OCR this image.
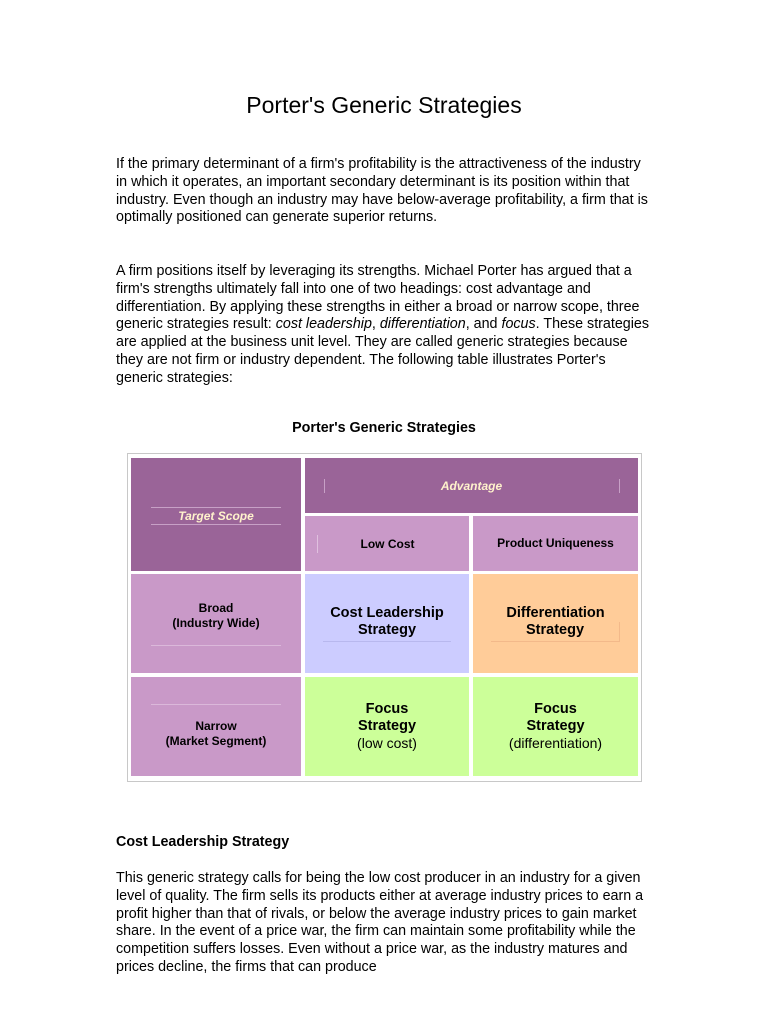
Porter's Generic Strategies

If the primary determinant of a firm's profitability is the attractiveness of the industry in which it operates, an important secondary determinant is its position within that industry. Even though an industry may have below-average profitability, a firm that is optimally positioned can generate superior returns.

A firm positions itself by leveraging its strengths. Michael Porter has argued that a firm's strengths ultimately fall into one of two headings: cost advantage and differentiation. By applying these strengths in either a broad or narrow scope, three generic strategies result: cost leadership, differentiation, and focus. These strategies are applied at the business unit level. They are called generic strategies because they are not firm or industry dependent. The following table illustrates Porter's generic strategies:

Porter's Generic Strategies

Target Scope
Advantage
Low Cost	Product Uniqueness
Broad
(Industry Wide)
Cost Leadership
Strategy
Differentiation
Strategy
Narrow
(Market Segment)
Focus
Strategy
(low cost)
Focus
Strategy
(differentiation)

Cost Leadership Strategy

This generic strategy calls for being the low cost producer in an industry for a given level of quality. The firm sells its products either at average industry prices to earn a profit higher than that of rivals, or below the average industry prices to gain market share. In the event of a price war, the firm can maintain some profitability while the competition suffers losses. Even without a price war, as the industry matures and prices decline, the firms that can produce
